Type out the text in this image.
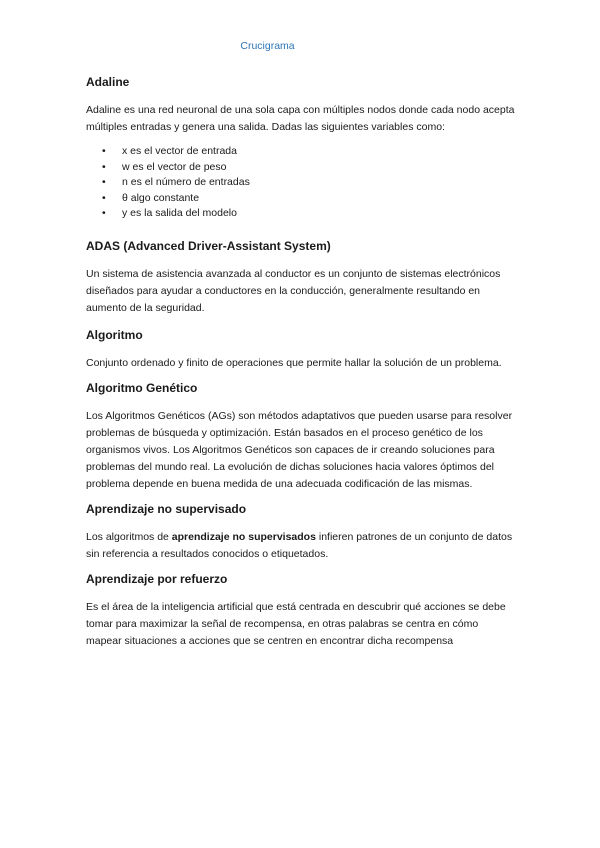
Crucigrama
Adaline

Adaline es una red neuronal de una sola capa con múltiples nodos donde cada nodo acepta múltiples entradas y genera una salida. Dadas las siguientes variables como:

• x es el vector de entrada
• w es el vector de peso
• n es el número de entradas
• θ algo constante
• y es la salida del modelo
ADAS (Advanced Driver-Assistant System)

Un sistema de asistencia avanzada al conductor es un conjunto de sistemas electrónicos diseñados para ayudar a conductores en la conducción, generalmente resultando en aumento de la seguridad.

Algoritmo

Conjunto ordenado y finito de operaciones que permite hallar la solución de un problema.

Algoritmo Genético

Los Algoritmos Genéticos (AGs) son métodos adaptativos que pueden usarse para resolver problemas de búsqueda y optimización. Están basados en el proceso genético de los organismos vivos. Los Algoritmos Genéticos son capaces de ir creando soluciones para problemas del mundo real. La evolución de dichas soluciones hacia valores óptimos del problema depende en buena medida de una adecuada codificación de las mismas.

Aprendizaje no supervisado

Los algoritmos de aprendizaje no supervisados infieren patrones de un conjunto de datos sin referencia a resultados conocidos o etiquetados.

Aprendizaje por refuerzo

Es el área de la inteligencia artificial que está centrada en descubrir qué acciones se debe tomar para maximizar la señal de recompensa, en otras palabras se centra en cómo mapear situaciones a acciones que se centren en encontrar dicha recompensa
